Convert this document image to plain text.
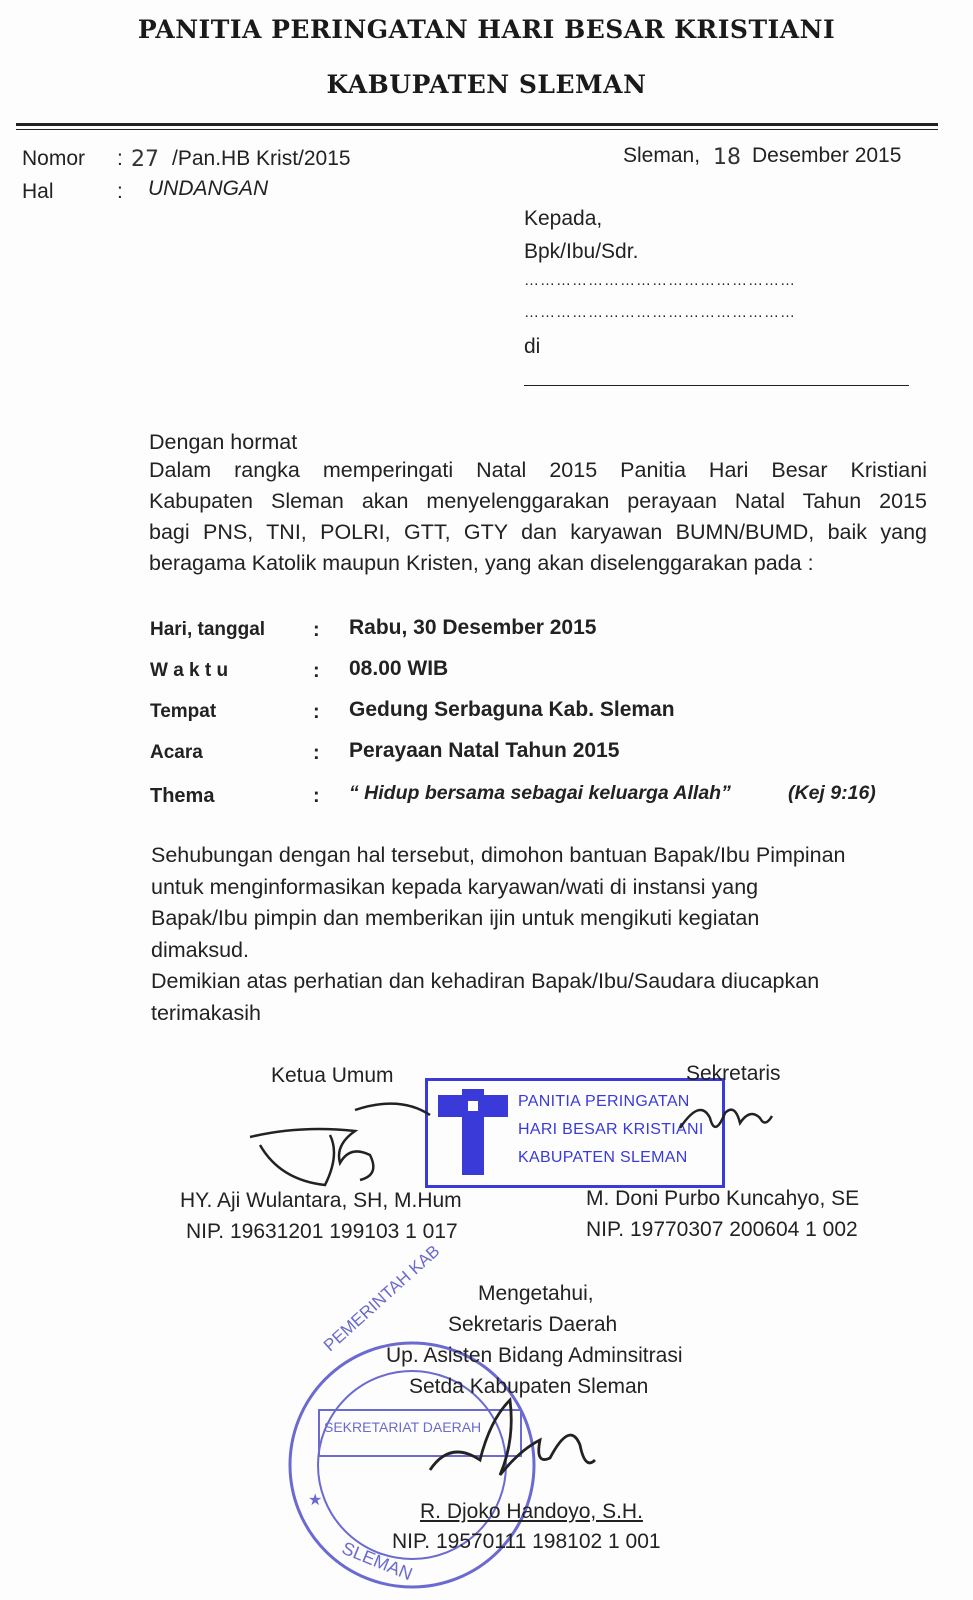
PANITIA PERINGATAN HARI BESAR KRISTIANI
KABUPATEN SLEMAN
Nomor : 27 /Pan.HB Krist/2015
Hal	: UNDANGAN
Sleman, 18 Desember 2015
Kepada,
Bpk/Ibu/Sdr.
……………………………………………
……………………………………………
di
Dengan hormat
Dalam rangka memperingati Natal 2015 Panitia Hari Besar Kristiani
Kabupaten Sleman akan menyelenggarakan perayaan Natal Tahun 2015
bagi PNS, TNI, POLRI, GTT, GTY dan karyawan BUMN/BUMD, baik yang
beragama Katolik maupun Kristen, yang akan diselenggarakan pada :
Hari, tanggal : Rabu, 30 Desember 2015
W a k t u	: 08.00 WIB
Tempat	: Gedung Serbaguna Kab. Sleman
Acara	: Perayaan Natal Tahun 2015
Thema	: “ Hidup bersama sebagai keluarga Allah”	(Kej 9:16)
Sehubungan dengan hal tersebut, dimohon bantuan Bapak/Ibu Pimpinan
untuk menginformasikan kepada karyawan/wati di instansi yang
Bapak/Ibu pimpin dan memberikan ijin untuk mengikuti kegiatan
dimaksud.
Demikian atas perhatian dan kehadiran Bapak/Ibu/Saudara diucapkan
terimakasih
PANITIA PERINGATAN
HARI BESAR KRISTIANI
KABUPATEN SLEMAN
Ketua Umum	Sekretaris
HY. Aji Wulantara, SH, M.Hum
NIP. 19631201 199103 1 017
M. Doni Purbo Kuncahyo, SE
NIP. 19770307 200604 1 002
★
PEMERINTAH KAB
SEKRETARIAT DAERAH
SLEMAN
Mengetahui,
Sekretaris Daerah
Up. Asisten Bidang Adminsitrasi
Setda Kabupaten Sleman
R. Djoko Handoyo, S.H.
NIP. 19570111 198102 1 001
